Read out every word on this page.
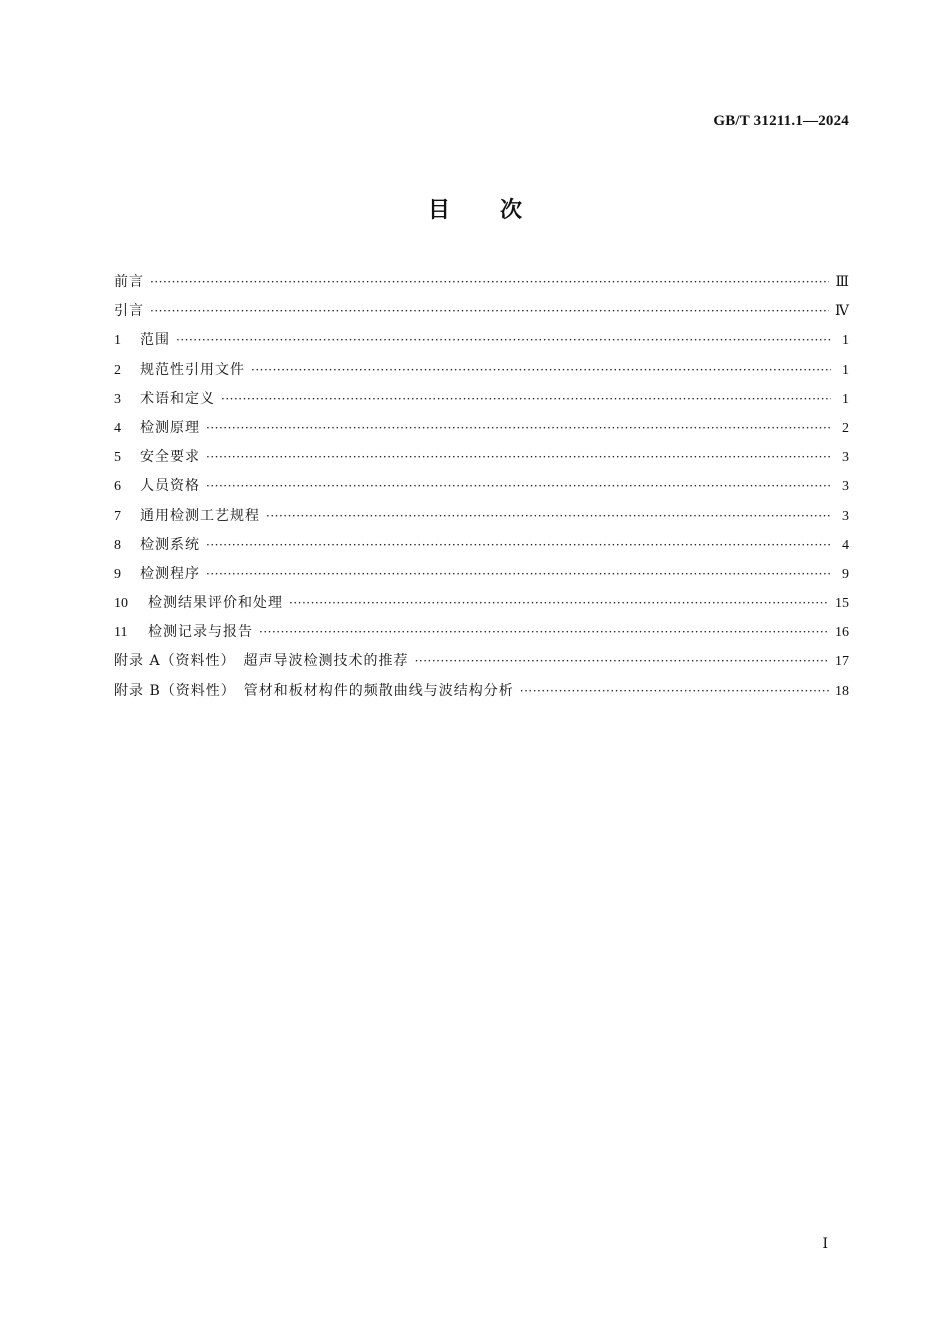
GB/T 31211.1—2024
目次
前言 ·····	Ⅲ
引言 ·····	Ⅳ
1	范围 ·····	1
2	规范性引用文件 ·····	1
3	术语和定义 ·····	1
4	检测原理 ·····	2
5	安全要求 ·····	3
6	人员资格 ·····	3
7	通用检测工艺规程 ·····	3
8	检测系统 ·····	4
9	检测程序 ·····	9
10	检测结果评价和处理 ·····	15
11	检测记录与报告 ·····	16
附录 A（资料性）　超声导波检测技术的推荐 ·····	17
附录 B（资料性）　管材和板材构件的频散曲线与波结构分析 ·····	18
Ⅰ
